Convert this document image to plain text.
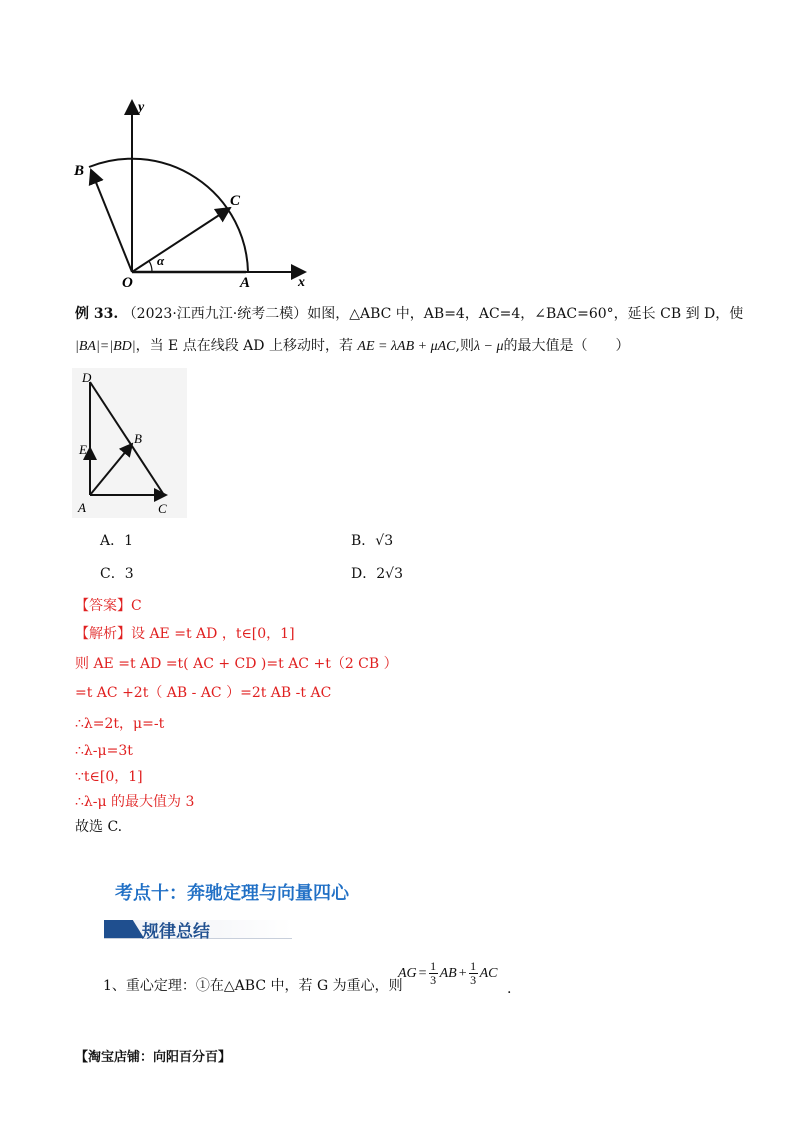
y
B
C
α
O	A	x
例 33. （2023·江西九江·统考二模）如图，△ABC 中，AB=4，AC=4，∠BAC=60°，延长 CB 到 D，使
|BA|=|BD|，当 E 点在线段 AD 上移动时，若 AE = λAB + μAC,则λ − μ的最大值是（　　）
D
E
B
A	C
A．1	B．√3
C．3	D．2√3
【答案】C
【解析】设 AE =t AD ，t∈[0，1]
则 AE =t AD =t( AC + CD )=t AC +t（2 CB ）
=t AC +2t（ AB - AC ）=2t AB -t AC
∴λ=2t，μ=-t
∴λ-μ=3t
∵t∈[0，1]
∴λ-μ 的最大值为 3
故选 C.
考点十：奔驰定理与向量四心
规律总结
1、重心定理：①在△ABC 中，若 G 为重心，则
AG = $\frac{1}{3}$ AB + $\frac{1}{3}$ AC
.
【淘宝店铺：向阳百分百】
